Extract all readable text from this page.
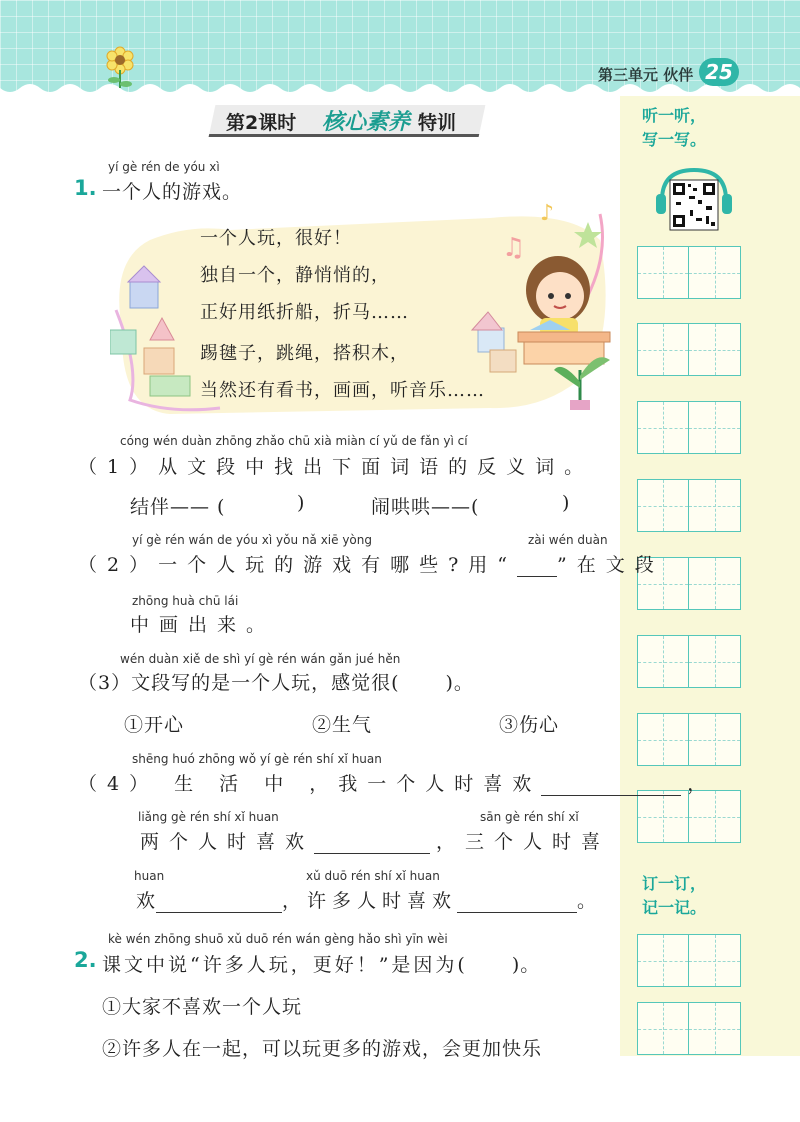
第三单元 伙伴 25
听一听，
写一写。
订一订，
记一记。
第2课时 核心素养 特训
yí gè rén de yóu xì
1. 一个人的游戏。
♪
♫
一个人玩，很好！
独自一个，静悄悄的，
正好用纸折船，折马……
踢毽子，跳绳，搭积木，
当然还有看书，画画，听音乐……
cóng wén duàn zhōng zhǎo chū xià miàn cí yǔ de fǎn yì cí
（1）从文段中找出下面词语的反义词。
结伴—— (	)	闹哄哄——(	)
yí gè rén wán de yóu xì yǒu nǎ xiē yòng	zài wén duàn
（2）一个人玩的游戏有哪些?用“ ”在文段
zhōng huà chū lái
中画出来。
wén duàn xiě de shì yí gè rén wán gǎn jué hěn
（3）文段写的是一个人玩，感觉很( )。
①开心	②生气	③伤心
shēng huó zhōng wǒ yí gè rén shí xǐ huan
（4） 生 活 中 ，我一个人时喜欢	，
liǎng gè rén shí xǐ huan	sān gè rén shí xǐ
两个人时喜欢	，三个人时喜
huan	xǔ duō rén shí xǐ huan
欢	，许多人时喜欢	。
kè wén zhōng shuō xǔ duō rén wán gèng hǎo shì yīn wèi
2. 课文中说“许多人玩，更好！”是因为( )。
①大家不喜欢一个人玩
②许多人在一起，可以玩更多的游戏，会更加快乐
